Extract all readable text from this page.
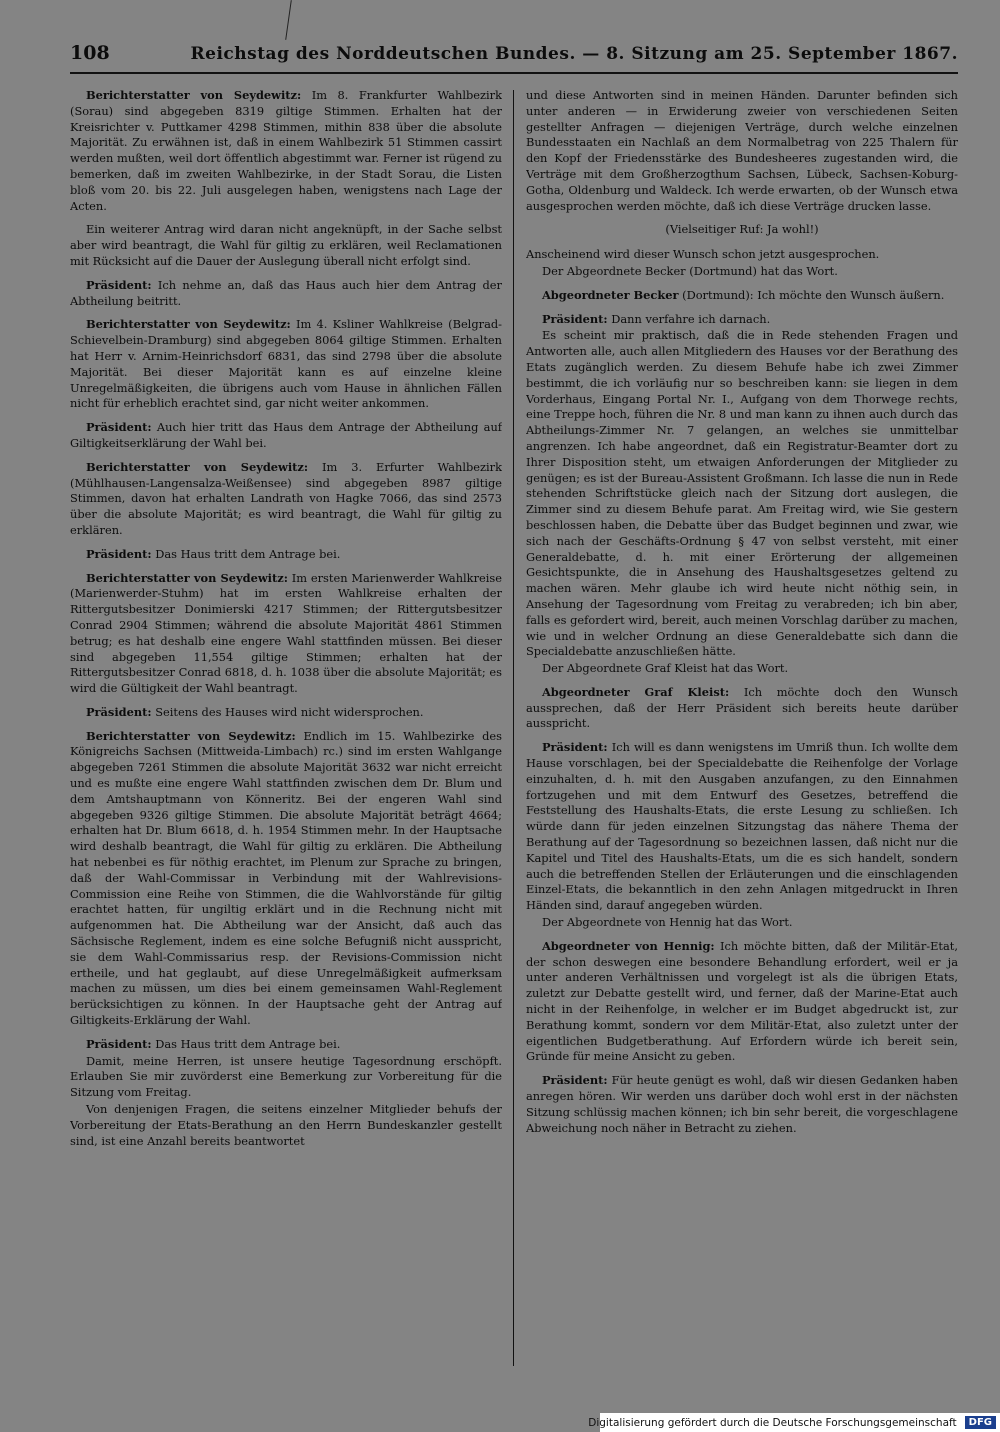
108	Reichstag des Norddeutschen Bundes. — 8. Sitzung am 25. September 1867.

Berichterstatter von Seydewitz: Im 8. Frankfurter Wahlbezirk (Sorau) sind abgegeben 8319 giltige Stimmen. Erhalten hat der Kreisrichter v. Puttkamer 4298 Stimmen, mithin 838 über die absolute Majorität. Zu erwähnen ist, daß in einem Wahlbezirk 51 Stimmen cassirt werden mußten, weil dort öffentlich abgestimmt war. Ferner ist rügend zu bemerken, daß im zweiten Wahlbezirke, in der Stadt Sorau, die Listen bloß vom 20. bis 22. Juli ausgelegen haben, wenigstens nach Lage der Acten.

Ein weiterer Antrag wird daran nicht angeknüpft, in der Sache selbst aber wird beantragt, die Wahl für giltig zu erklären, weil Reclamationen mit Rücksicht auf die Dauer der Auslegung überall nicht erfolgt sind.

Präsident: Ich nehme an, daß das Haus auch hier dem Antrag der Abtheilung beitritt.

Berichterstatter von Seydewitz: Im 4. Ksliner Wahlkreise (Belgrad-Schievelbein-Dramburg) sind abgegeben 8064 giltige Stimmen. Erhalten hat Herr v. Arnim-Heinrichsdorf 6831, das sind 2798 über die absolute Majorität. Bei dieser Majorität kann es auf einzelne kleine Unregelmäßigkeiten, die übrigens auch vom Hause in ähnlichen Fällen nicht für erheblich erachtet sind, gar nicht weiter ankommen.

Präsident: Auch hier tritt das Haus dem Antrage der Abtheilung auf Giltigkeitserklärung der Wahl bei.

Berichterstatter von Seydewitz: Im 3. Erfurter Wahlbezirk (Mühlhausen-Langensalza-Weißensee) sind abgegeben 8987 giltige Stimmen, davon hat erhalten Landrath von Hagke 7066, das sind 2573 über die absolute Majorität; es wird beantragt, die Wahl für giltig zu erklären.

Präsident: Das Haus tritt dem Antrage bei.

Berichterstatter von Seydewitz: Im ersten Marienwerder Wahlkreise (Marienwerder-Stuhm) hat im ersten Wahlkreise erhalten der Rittergutsbesitzer Donimierski 4217 Stimmen; der Rittergutsbesitzer Conrad 2904 Stimmen; während die absolute Majorität 4861 Stimmen betrug; es hat deshalb eine engere Wahl stattfinden müssen. Bei dieser sind abgegeben 11,554 giltige Stimmen; erhalten hat der Rittergutsbesitzer Conrad 6818, d. h. 1038 über die absolute Majorität; es wird die Gültigkeit der Wahl beantragt.

Präsident: Seitens des Hauses wird nicht widersprochen.

Berichterstatter von Seydewitz: Endlich im 15. Wahlbezirke des Königreichs Sachsen (Mittweida-Limbach) rc.) sind im ersten Wahlgange abgegeben 7261 Stimmen die absolute Majorität 3632 war nicht erreicht und es mußte eine engere Wahl stattfinden zwischen dem Dr. Blum und dem Amtshauptmann von Könneritz. Bei der engeren Wahl sind abgegeben 9326 giltige Stimmen. Die absolute Majorität beträgt 4664; erhalten hat Dr. Blum 6618, d. h. 1954 Stimmen mehr. In der Hauptsache wird deshalb beantragt, die Wahl für giltig zu erklären. Die Abtheilung hat nebenbei es für nöthig erachtet, im Plenum zur Sprache zu bringen, daß der Wahl-Commissar in Verbindung mit der Wahlrevisions-Commission eine Reihe von Stimmen, die die Wahlvorstände für giltig erachtet hatten, für ungiltig erklärt und in die Rechnung nicht mit aufgenommen hat. Die Abtheilung war der Ansicht, daß auch das Sächsische Reglement, indem es eine solche Befugniß nicht ausspricht, sie dem Wahl-Commissarius resp. der Revisions-Commission nicht ertheile, und hat geglaubt, auf diese Unregelmäßigkeit aufmerksam machen zu müssen, um dies bei einem gemeinsamen Wahl-Reglement berücksichtigen zu können. In der Hauptsache geht der Antrag auf Giltigkeits-Erklärung der Wahl.

Präsident: Das Haus tritt dem Antrage bei.

Damit, meine Herren, ist unsere heutige Tagesordnung erschöpft. Erlauben Sie mir zuvörderst eine Bemerkung zur Vorbereitung für die Sitzung vom Freitag.

Von denjenigen Fragen, die seitens einzelner Mitglieder behufs der Vorbereitung der Etats-Berathung an den Herrn Bundeskanzler gestellt sind, ist eine Anzahl bereits beantwortet

und diese Antworten sind in meinen Händen. Darunter befinden sich unter anderen — in Erwiderung zweier von verschiedenen Seiten gestellter Anfragen — diejenigen Verträge, durch welche einzelnen Bundesstaaten ein Nachlaß an dem Normalbetrag von 225 Thalern für den Kopf der Friedensstärke des Bundesheeres zugestanden wird, die Verträge mit dem Großherzogthum Sachsen, Lübeck, Sachsen-Koburg-Gotha, Oldenburg und Waldeck. Ich werde erwarten, ob der Wunsch etwa ausgesprochen werden möchte, daß ich diese Verträge drucken lasse.

(Vielseitiger Ruf: Ja wohl!)

Anscheinend wird dieser Wunsch schon jetzt ausgesprochen.

Der Abgeordnete Becker (Dortmund) hat das Wort.

Abgeordneter Becker (Dortmund): Ich möchte den Wunsch äußern.

Präsident: Dann verfahre ich darnach.

Es scheint mir praktisch, daß die in Rede stehenden Fragen und Antworten alle, auch allen Mitgliedern des Hauses vor der Berathung des Etats zugänglich werden. Zu diesem Behufe habe ich zwei Zimmer bestimmt, die ich vorläufig nur so beschreiben kann: sie liegen in dem Vorderhaus, Eingang Portal Nr. I., Aufgang von dem Thorwege rechts, eine Treppe hoch, führen die Nr. 8 und man kann zu ihnen auch durch das Abtheilungs-Zimmer Nr. 7 gelangen, an welches sie unmittelbar angrenzen. Ich habe angeordnet, daß ein Registratur-Beamter dort zu Ihrer Disposition steht, um etwaigen Anforderungen der Mitglieder zu genügen; es ist der Bureau-Assistent Großmann. Ich lasse die nun in Rede stehenden Schriftstücke gleich nach der Sitzung dort auslegen, die Zimmer sind zu diesem Behufe parat. Am Freitag wird, wie Sie gestern beschlossen haben, die Debatte über das Budget beginnen und zwar, wie sich nach der Geschäfts-Ordnung § 47 von selbst versteht, mit einer Generaldebatte, d. h. mit einer Erörterung der allgemeinen Gesichtspunkte, die in Ansehung des Haushaltsgesetzes geltend zu machen wären. Mehr glaube ich wird heute nicht nöthig sein, in Ansehung der Tagesordnung vom Freitag zu verabreden; ich bin aber, falls es gefordert wird, bereit, auch meinen Vorschlag darüber zu machen, wie und in welcher Ordnung an diese Generaldebatte sich dann die Specialdebatte anzuschließen hätte.

Der Abgeordnete Graf Kleist hat das Wort.

Abgeordneter Graf Kleist: Ich möchte doch den Wunsch aussprechen, daß der Herr Präsident sich bereits heute darüber ausspricht.

Präsident: Ich will es dann wenigstens im Umriß thun. Ich wollte dem Hause vorschlagen, bei der Specialdebatte die Reihenfolge der Vorlage einzuhalten, d. h. mit den Ausgaben anzufangen, zu den Einnahmen fortzugehen und mit dem Entwurf des Gesetzes, betreffend die Feststellung des Haushalts-Etats, die erste Lesung zu schließen. Ich würde dann für jeden einzelnen Sitzungstag das nähere Thema der Berathung auf der Tagesordnung so bezeichnen lassen, daß nicht nur die Kapitel und Titel des Haushalts-Etats, um die es sich handelt, sondern auch die betreffenden Stellen der Erläuterungen und die einschlagenden Einzel-Etats, die bekanntlich in den zehn Anlagen mitgedruckt in Ihren Händen sind, darauf angegeben würden.

Der Abgeordnete von Hennig hat das Wort.

Abgeordneter von Hennig: Ich möchte bitten, daß der Militär-Etat, der schon deswegen eine besondere Behandlung erfordert, weil er ja unter anderen Verhältnissen und vorgelegt ist als die übrigen Etats, zuletzt zur Debatte gestellt wird, und ferner, daß der Marine-Etat auch nicht in der Reihenfolge, in welcher er im Budget abgedruckt ist, zur Berathung kommt, sondern vor dem Militär-Etat, also zuletzt unter der eigentlichen Budgetberathung. Auf Erfordern würde ich bereit sein, Gründe für meine Ansicht zu geben.

Präsident: Für heute genügt es wohl, daß wir diesen Gedanken haben anregen hören. Wir werden uns darüber doch wohl erst in der nächsten Sitzung schlüssig machen können; ich bin sehr bereit, die vorgeschlagene Abweichung noch näher in Betracht zu ziehen.

Digitalisierung gefördert durch die Deutsche Forschungsgemeinschaft	DFG
